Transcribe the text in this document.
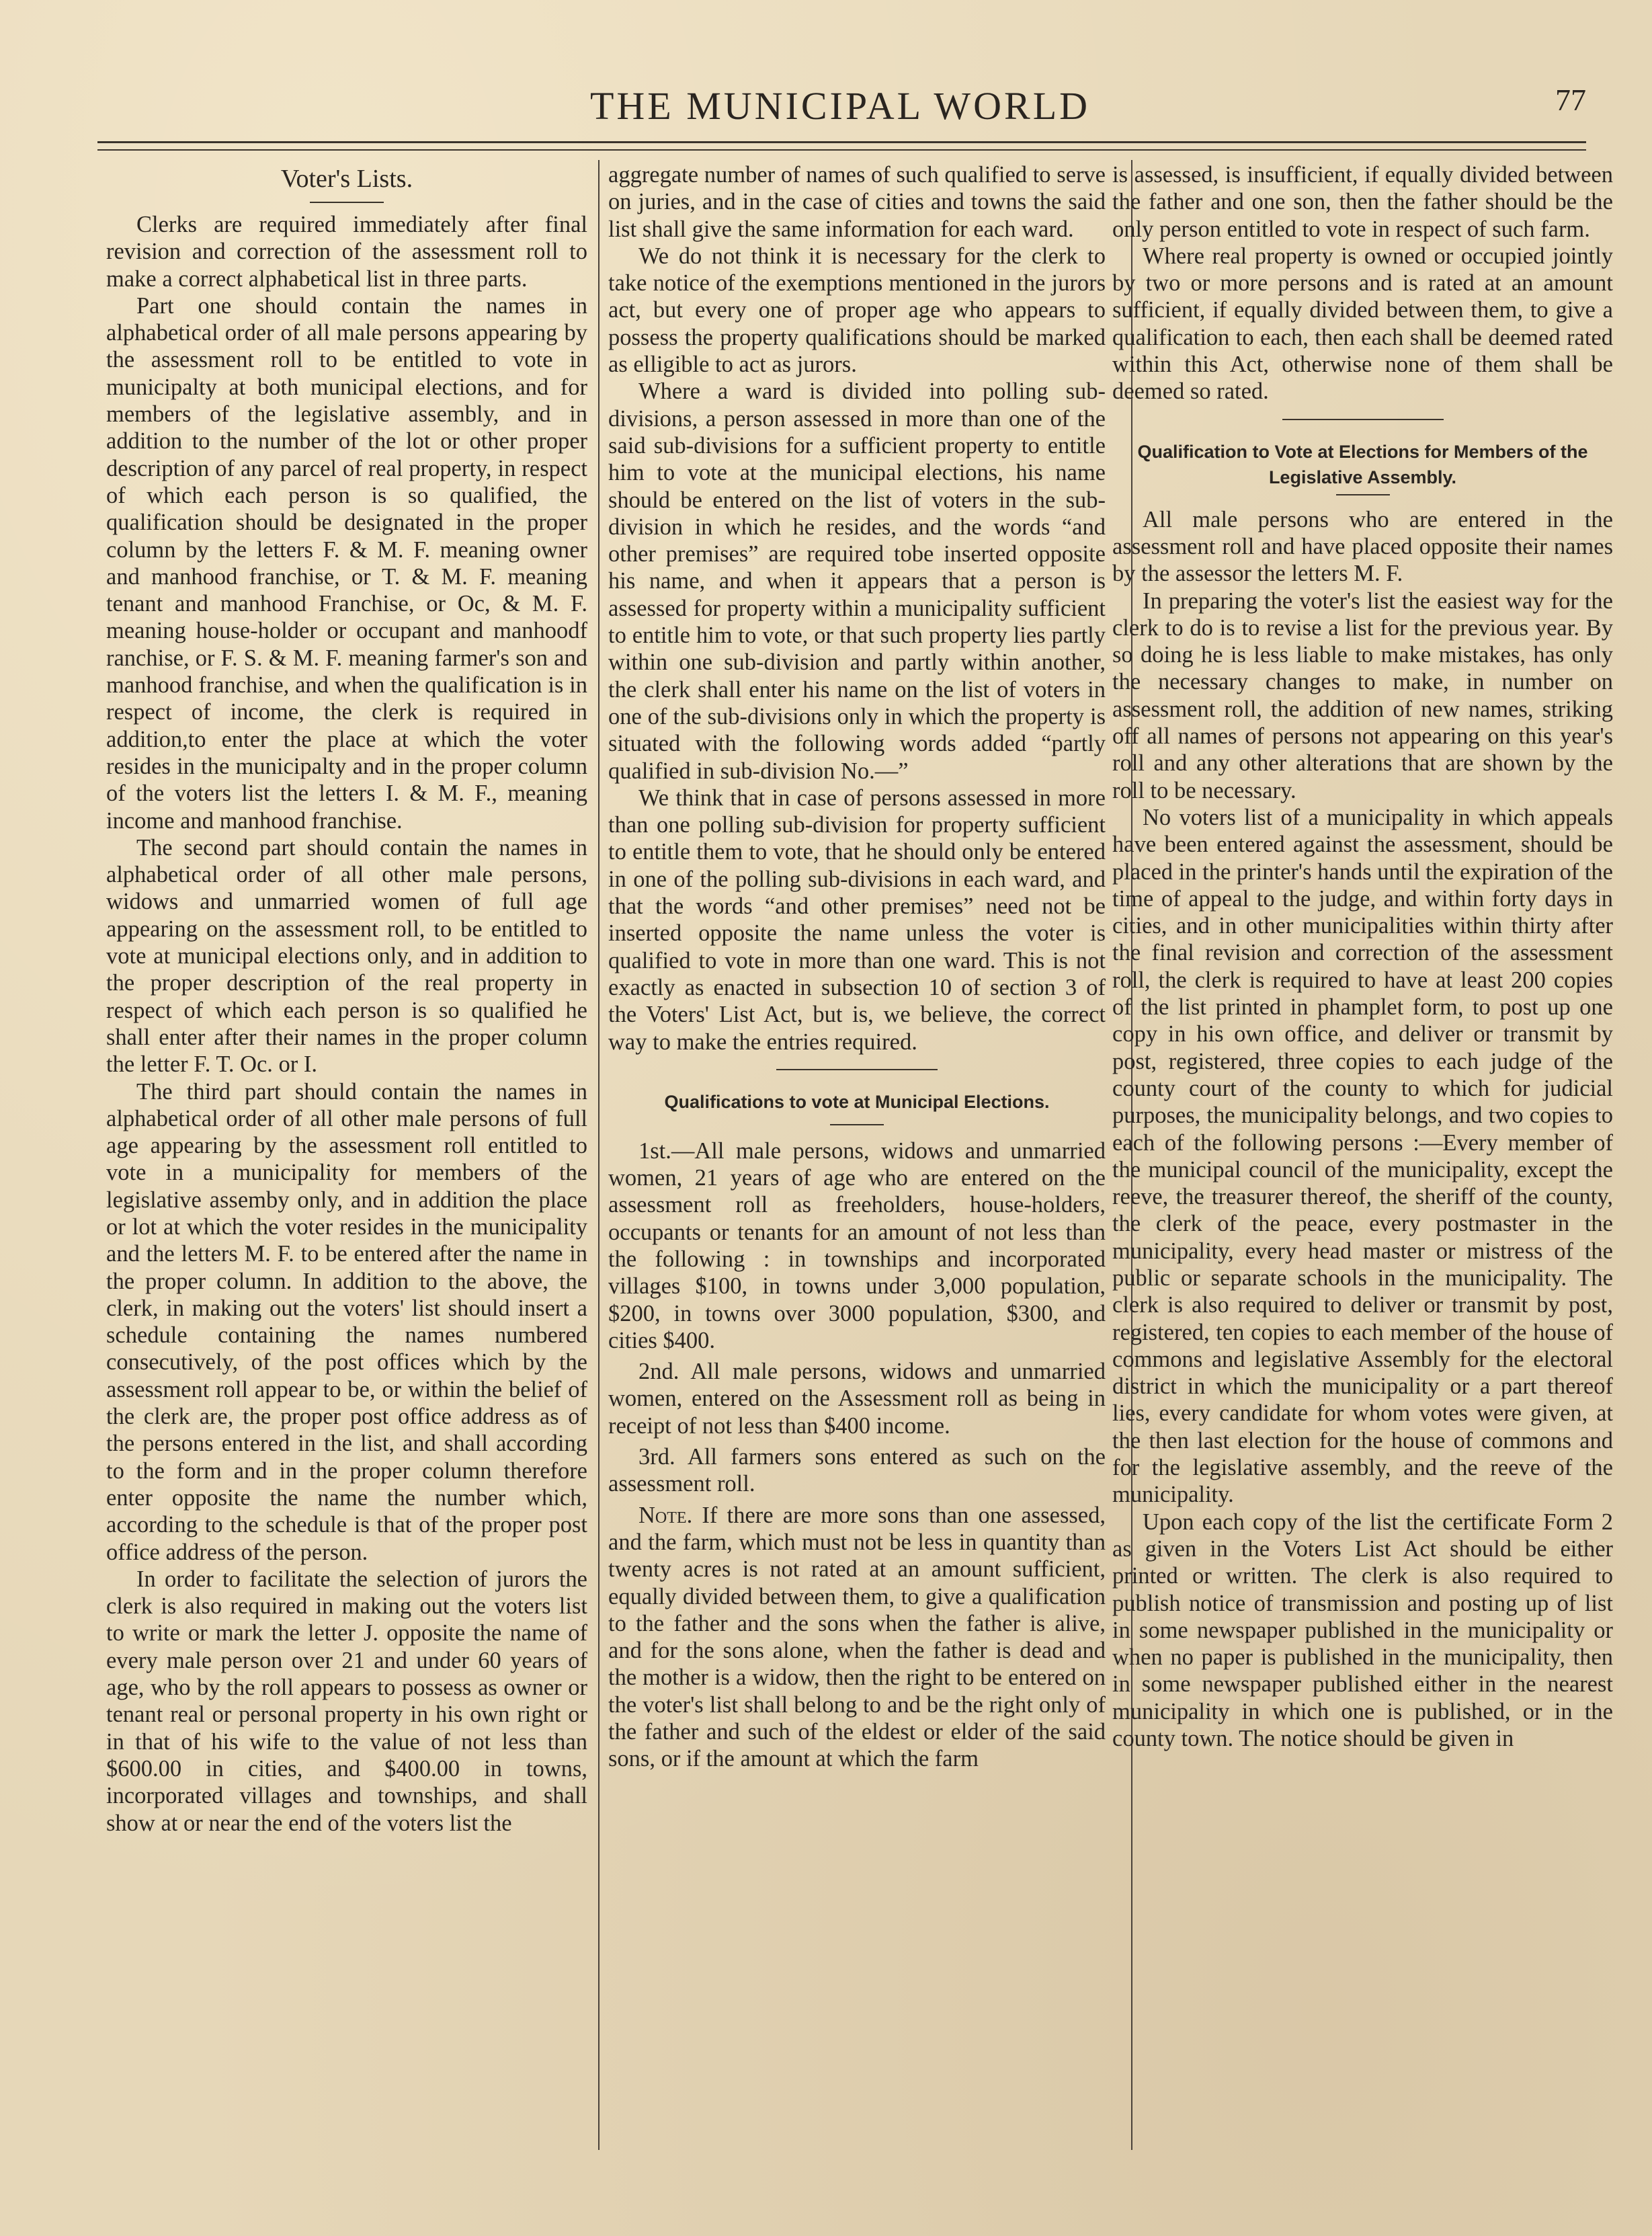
THE MUNICIPAL WORLD	77
Voter's Lists.

Clerks are required immediately after final revision and correction of the assessment roll to make a correct alphabetical list in three parts.

Part one should contain the names in alphabetical order of all male persons appearing by the assessment roll to be entitled to vote in municipalty at both municipal elections, and for members of the legislative assembly, and in addition to the number of the lot or other proper description of any parcel of real property, in respect of which each person is so qualified, the qualification should be designated in the proper column by the letters F. & M. F. meaning owner and manhood franchise, or T. & M. F. meaning tenant and manhood Franchise, or Oc, & M. F. meaning house-holder or occupant and manhoodf ranchise, or F. S. & M. F. meaning farmer's son and manhood franchise, and when the qualification is in respect of income, the clerk is required in addition,to enter the place at which the voter resides in the municipalty and in the proper column of the voters list the letters I. & M. F., meaning income and manhood franchise.

The second part should contain the names in alphabetical order of all other male persons, widows and unmarried women of full age appearing on the assessment roll, to be entitled to vote at municipal elections only, and in addition to the proper description of the real property in respect of which each person is so qualified he shall enter after their names in the proper column the letter F. T. Oc. or I.

The third part should contain the names in alphabetical order of all other male persons of full age appearing by the assessment roll entitled to vote in a municipality for members of the legislative assemby only, and in addition the place or lot at which the voter resides in the municipality and the letters M. F. to be entered after the name in the proper column. In addition to the above, the clerk, in making out the voters' list should insert a schedule containing the names numbered consecutively, of the post offices which by the assessment roll appear to be, or within the belief of the clerk are, the proper post office address as of the persons entered in the list, and shall according to the form and in the proper column therefore enter opposite the name the number which, according to the schedule is that of the proper post office address of the person.

In order to facilitate the selection of jurors the clerk is also required in making out the voters list to write or mark the letter J. opposite the name of every male person over 21 and under 60 years of age, who by the roll appears to possess as owner or tenant real or personal property in his own right or in that of his wife to the value of not less than $600.00 in cities, and $400.00 in towns, incorporated villages and townships, and shall show at or near the end of the voters list the

aggregate number of names of such qualified to serve on juries, and in the case of cities and towns the said list shall give the same information for each ward.

We do not think it is necessary for the clerk to take notice of the exemptions mentioned in the jurors act, but every one of proper age who appears to possess the property qualifications should be marked as elligible to act as jurors.

Where a ward is divided into polling sub-divisions, a person assessed in more than one of the said sub-divisions for a sufficient property to entitle him to vote at the municipal elections, his name should be entered on the list of voters in the sub-division in which he resides, and the words “and other premises” are required tobe inserted opposite his name, and when it appears that a person is assessed for property within a municipality sufficient to entitle him to vote, or that such property lies partly within one sub-division and partly within another, the clerk shall enter his name on the list of voters in one of the sub-divisions only in which the property is situated with the following words added “partly qualified in sub-division No.—”

We think that in case of persons assessed in more than one polling sub-division for property sufficient to entitle them to vote, that he should only be entered in one of the polling sub-divisions in each ward, and that the words “and other premises” need not be inserted opposite the name unless the voter is qualified to vote in more than one ward. This is not exactly as enacted in subsection 10 of section 3 of the Voters' List Act, but is, we believe, the correct way to make the entries required.

Qualifications to vote at Municipal Elections.

1st.—All male persons, widows and unmarried women, 21 years of age who are entered on the assessment roll as freeholders, house-holders, occupants or tenants for an amount of not less than the following : in townships and incorporated villages $100, in towns under 3,000 population, $200, in towns over 3000 population, $300, and cities $400.

2nd. All male persons, widows and unmarried women, entered on the Assessment roll as being in receipt of not less than $400 income.

3rd. All farmers sons entered as such on the assessment roll.

Note. If there are more sons than one assessed, and the farm, which must not be less in quantity than twenty acres is not rated at an amount sufficient, equally divided between them, to give a qualification to the father and the sons when the father is alive, and for the sons alone, when the father is dead and the mother is a widow, then the right to be entered on the voter's list shall belong to and be the right only of the father and such of the eldest or elder of the said sons, or if the amount at which the farm

is assessed, is insufficient, if equally divided between the father and one son, then the father should be the only person entitled to vote in respect of such farm.

Where real property is owned or occupied jointly by two or more persons and is rated at an amount sufficient, if equally divided between them, to give a qualification to each, then each shall be deemed rated within this Act, otherwise none of them shall be deemed so rated.

Qualification to Vote at Elections for Members of the Legislative Assembly.

All male persons who are entered in the assessment roll and have placed opposite their names by the assessor the letters M. F.

In preparing the voter's list the easiest way for the clerk to do is to revise a list for the previous year. By so doing he is less liable to make mistakes, has only the necessary changes to make, in number on assessment roll, the addition of new names, striking off all names of persons not appearing on this year's roll and any other alterations that are shown by the roll to be necessary.

No voters list of a municipality in which appeals have been entered against the assessment, should be placed in the printer's hands until the expiration of the time of appeal to the judge, and within forty days in cities, and in other municipalities within thirty after the final revision and correction of the assessment roll, the clerk is required to have at least 200 copies of the list printed in phamplet form, to post up one copy in his own office, and deliver or transmit by post, registered, three copies to each judge of the county court of the county to which for judicial purposes, the municipality belongs, and two copies to each of the following persons :—Every member of the municipal council of the municipality, except the reeve, the treasurer thereof, the sheriff of the county, the clerk of the peace, every postmaster in the municipality, every head master or mistress of the public or separate schools in the municipality. The clerk is also required to deliver or transmit by post, registered, ten copies to each member of the house of commons and legislative Assembly for the electoral district in which the municipality or a part thereof lies, every candidate for whom votes were given, at the then last election for the house of commons and for the legislative assembly, and the reeve of the municipality.

Upon each copy of the list the certificate Form 2 as given in the Voters List Act should be either printed or written. The clerk is also required to publish notice of transmission and posting up of list in some newspaper published in the municipality or when no paper is published in the municipality, then in some newspaper published either in the nearest municipality in which one is published, or in the county town. The notice should be given in
